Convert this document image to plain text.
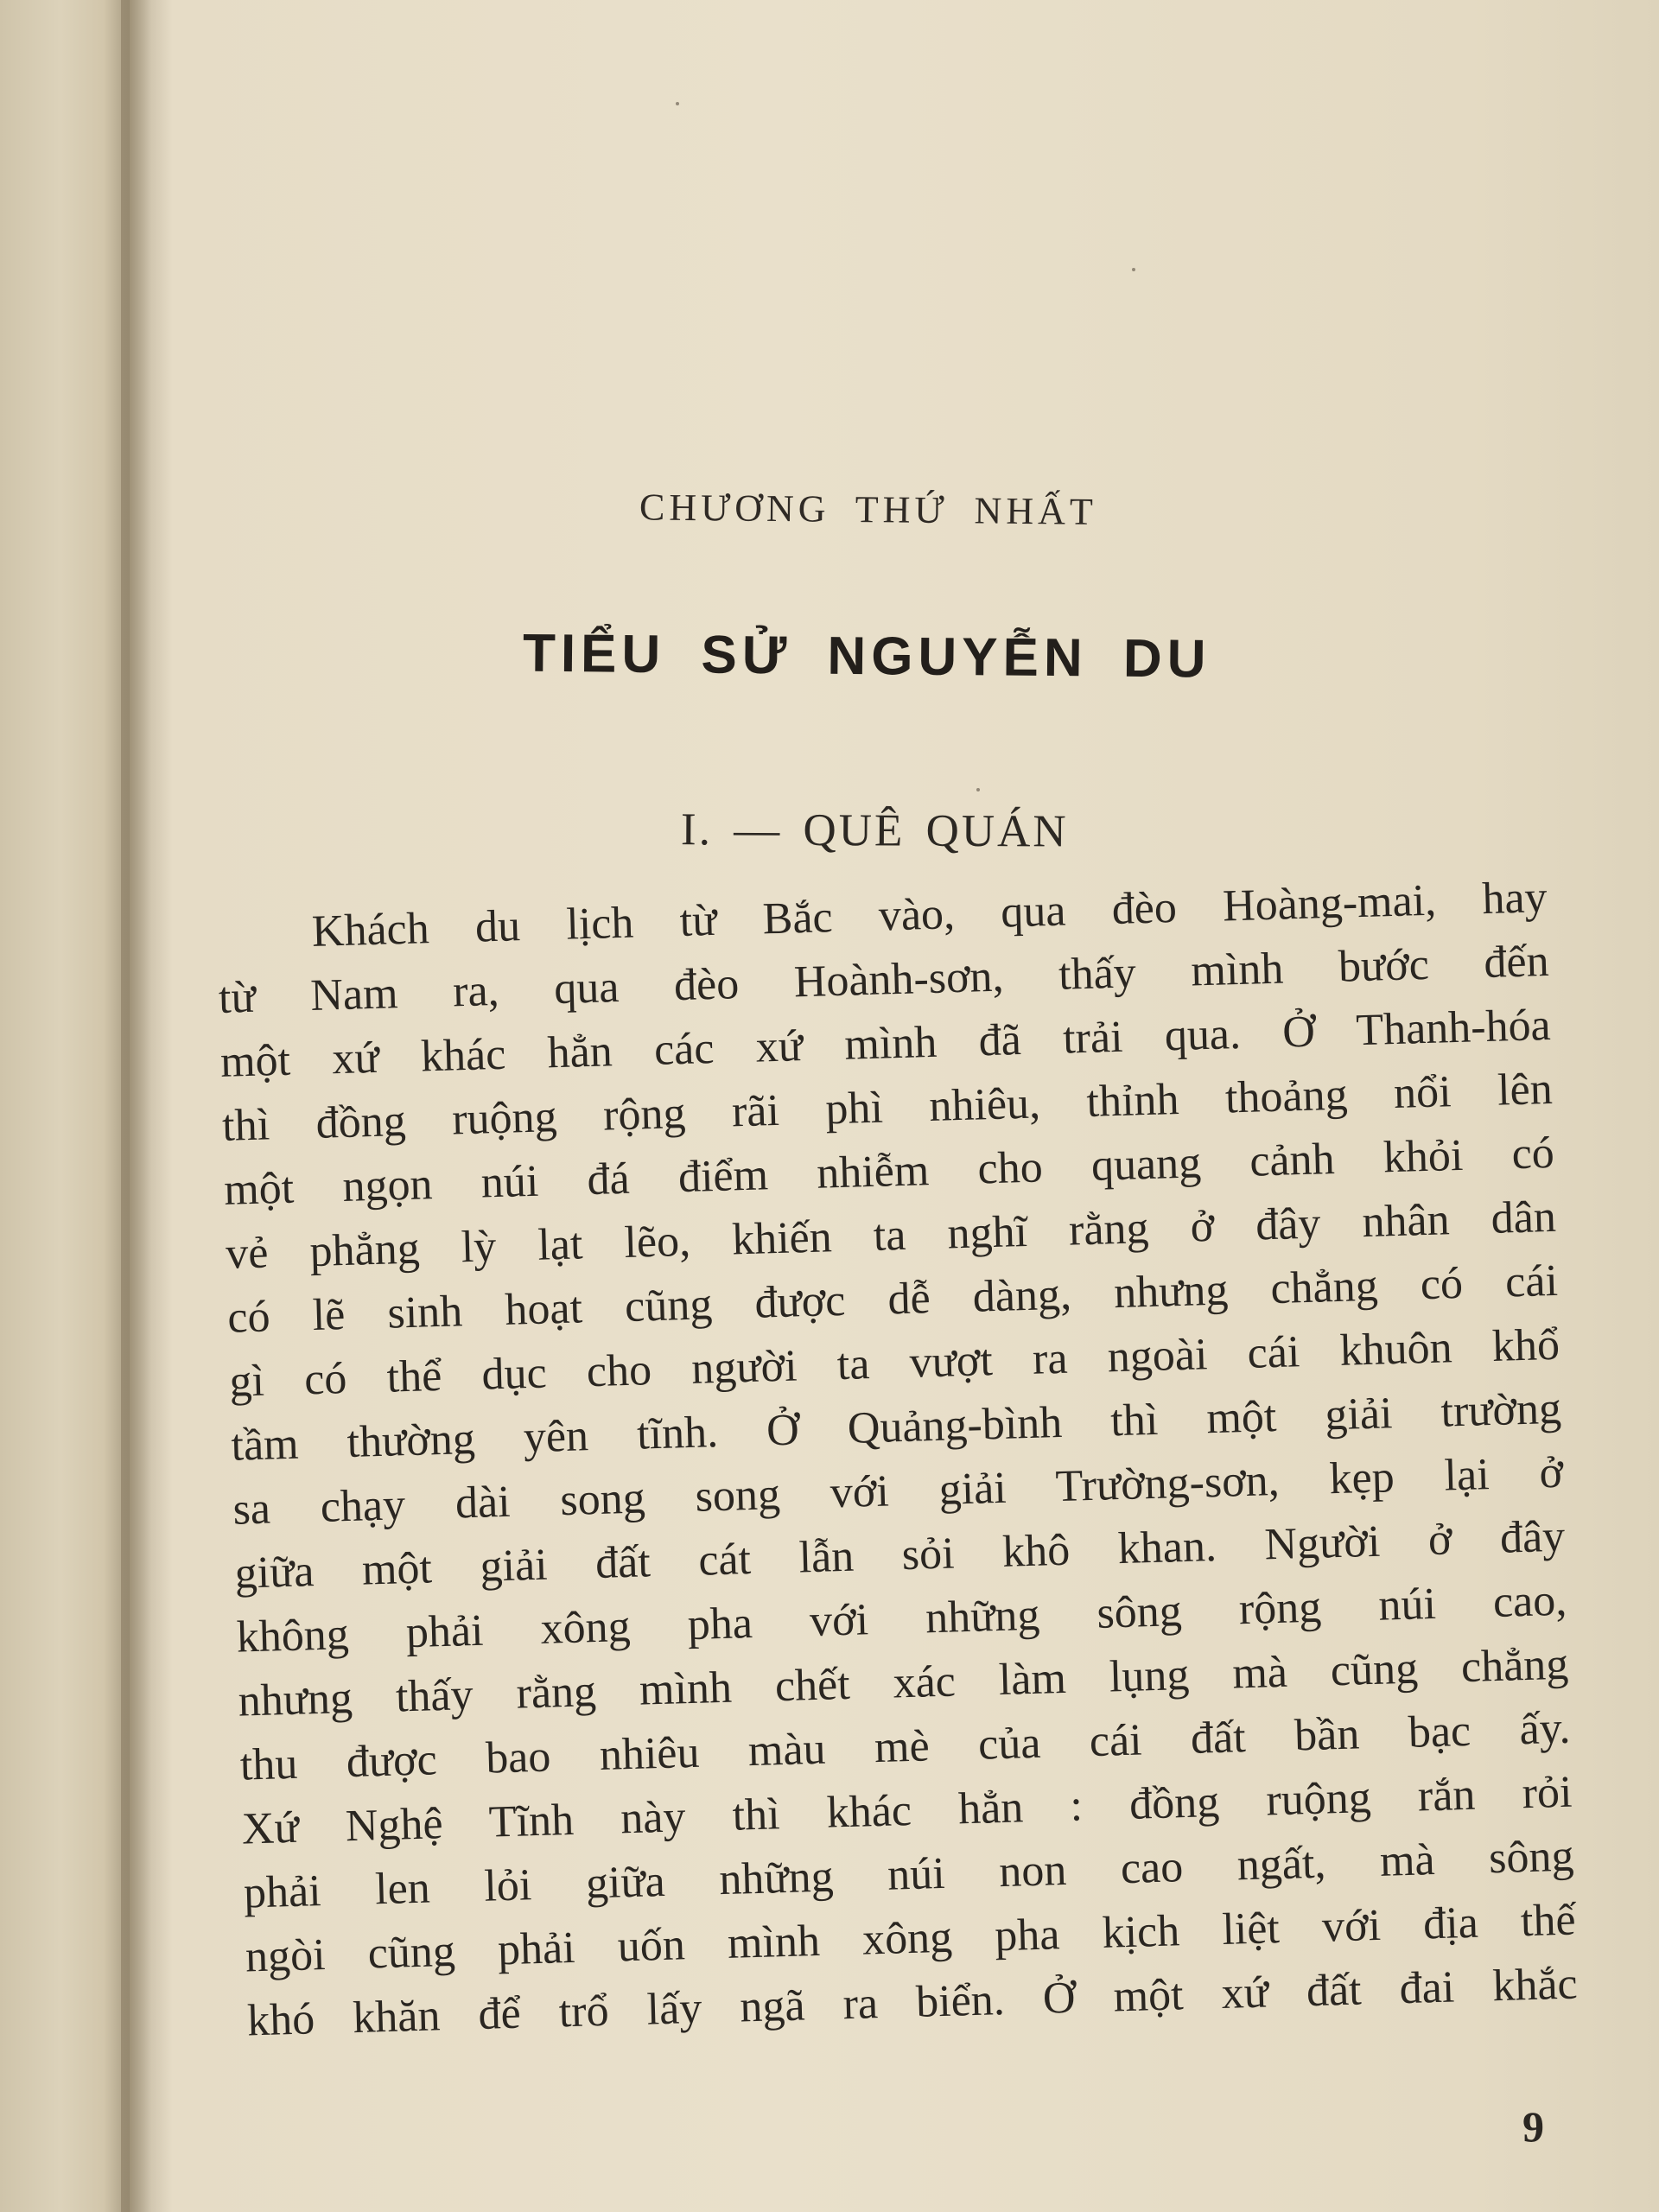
CHƯƠNG THỨ NHẤT
TIỂU SỬ NGUYỄN DU
I. — QUÊ QUÁN
Khách du lịch từ Bắc vào, qua đèo Hoàng-mai, hay
từ Nam ra, qua đèo Hoành-sơn, thấy mình bước đến
một xứ khác hẳn các xứ mình đã trải qua. Ở Thanh-hóa
thì đồng ruộng rộng rãi phì nhiêu, thỉnh thoảng nổi lên
một ngọn núi đá điểm nhiễm cho quang cảnh khỏi có
vẻ phẳng lỳ lạt lẽo, khiến ta nghĩ rằng ở đây nhân dân
có lẽ sinh hoạt cũng được dễ dàng, nhưng chẳng có cái
gì có thể dục cho người ta vượt ra ngoài cái khuôn khổ
tầm thường yên tĩnh. Ở Quảng-bình thì một giải trường
sa chạy dài song song với giải Trường-sơn, kẹp lại ở
giữa một giải đất cát lẫn sỏi khô khan. Người ở đây
không phải xông pha với những sông rộng núi cao,
nhưng thấy rằng mình chết xác làm lụng mà cũng chẳng
thu được bao nhiêu màu mè của cái đất bần bạc ấy.
Xứ Nghệ Tĩnh này thì khác hẳn : đồng ruộng rắn rỏi
phải len lỏi giữa những núi non cao ngất, mà sông
ngòi cũng phải uốn mình xông pha kịch liệt với địa thế
khó khăn để trổ lấy ngã ra biển. Ở một xứ đất đai khắc
9
